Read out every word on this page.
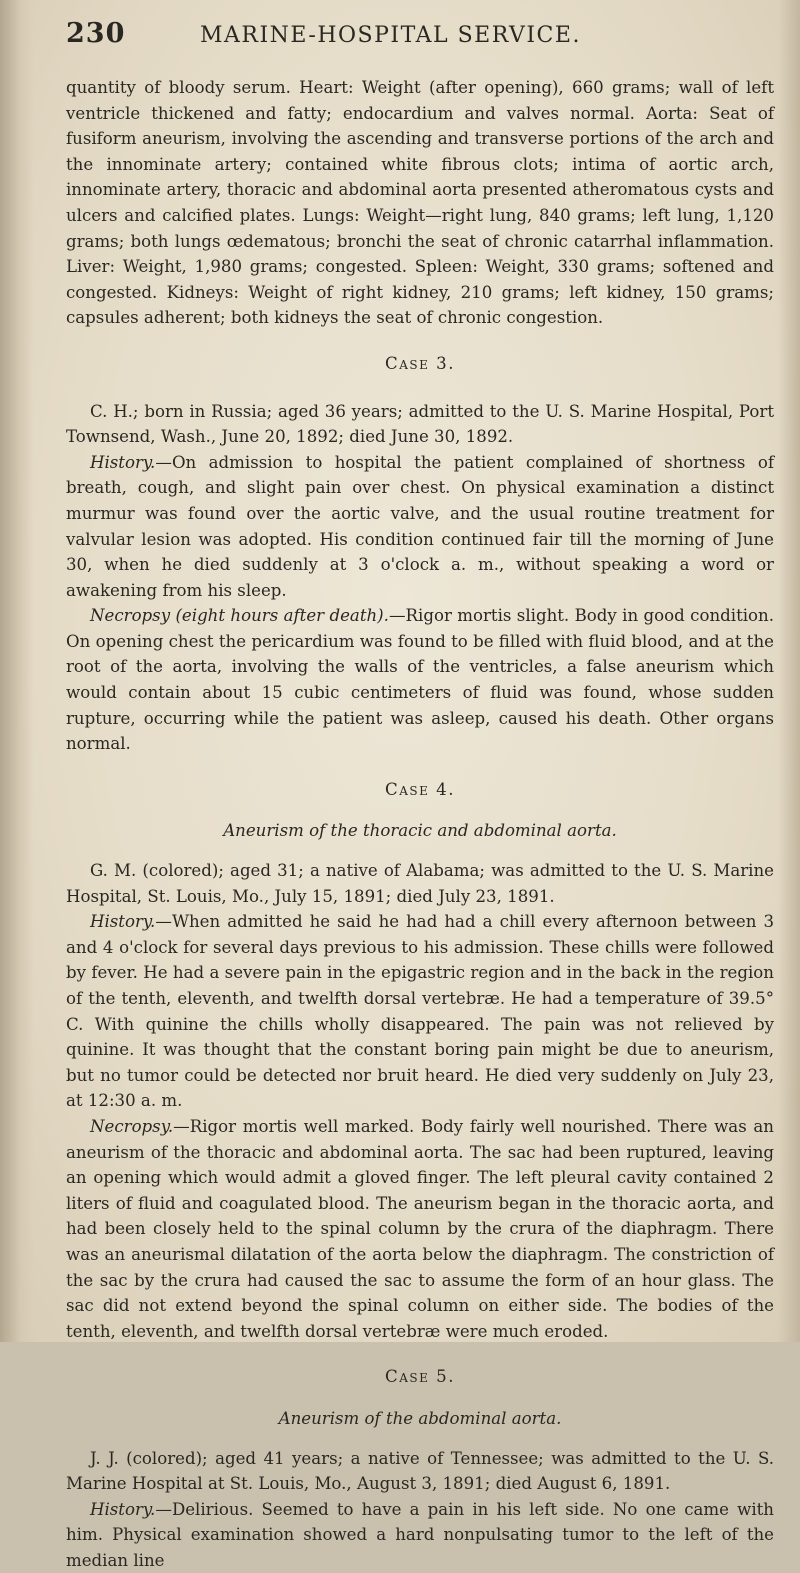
230	MARINE-HOSPITAL SERVICE.

quantity of bloody serum. Heart: Weight (after opening), 660 grams; wall of left ventricle thickened and fatty; endocardium and valves normal. Aorta: Seat of fusiform aneurism, involving the ascending and transverse portions of the arch and the innominate artery; contained white fibrous clots; intima of aortic arch, innominate artery, thoracic and abdominal aorta presented atheromatous cysts and ulcers and calcified plates. Lungs: Weight—right lung, 840 grams; left lung, 1,120 grams; both lungs œdematous; bronchi the seat of chronic catarrhal inflammation. Liver: Weight, 1,980 grams; congested. Spleen: Weight, 330 grams; softened and congested. Kidneys: Weight of right kidney, 210 grams; left kidney, 150 grams; capsules adherent; both kidneys the seat of chronic congestion.

Case 3.

C. H.; born in Russia; aged 36 years; admitted to the U. S. Marine Hospital, Port Townsend, Wash., June 20, 1892; died June 30, 1892.

History.—On admission to hospital the patient complained of shortness of breath, cough, and slight pain over chest. On physical examination a distinct murmur was found over the aortic valve, and the usual routine treatment for valvular lesion was adopted. His condition continued fair till the morning of June 30, when he died suddenly at 3 o'clock a. m., without speaking a word or awakening from his sleep.

Necropsy (eight hours after death).—Rigor mortis slight. Body in good condition. On opening chest the pericardium was found to be filled with fluid blood, and at the root of the aorta, involving the walls of the ventricles, a false aneurism which would contain about 15 cubic centimeters of fluid was found, whose sudden rupture, occurring while the patient was asleep, caused his death. Other organs normal.

Case 4.
Aneurism of the thoracic and abdominal aorta.

G. M. (colored); aged 31; a native of Alabama; was admitted to the U. S. Marine Hospital, St. Louis, Mo., July 15, 1891; died July 23, 1891.

History.—When admitted he said he had had a chill every afternoon between 3 and 4 o'clock for several days previous to his admission. These chills were followed by fever. He had a severe pain in the epigastric region and in the back in the region of the tenth, eleventh, and twelfth dorsal vertebræ. He had a temperature of 39.5° C. With quinine the chills wholly disappeared. The pain was not relieved by quinine. It was thought that the constant boring pain might be due to aneurism, but no tumor could be detected nor bruit heard. He died very suddenly on July 23, at 12:30 a. m.

Necropsy.—Rigor mortis well marked. Body fairly well nourished. There was an aneurism of the thoracic and abdominal aorta. The sac had been ruptured, leaving an opening which would admit a gloved finger. The left pleural cavity contained 2 liters of fluid and coagulated blood. The aneurism began in the thoracic aorta, and had been closely held to the spinal column by the crura of the diaphragm. There was an aneurismal dilatation of the aorta below the diaphragm. The constriction of the sac by the crura had caused the sac to assume the form of an hour glass. The sac did not extend beyond the spinal column on either side. The bodies of the tenth, eleventh, and twelfth dorsal vertebræ were much eroded.

Case 5.
Aneurism of the abdominal aorta.

J. J. (colored); aged 41 years; a native of Tennessee; was admitted to the U. S. Marine Hospital at St. Louis, Mo., August 3, 1891; died August 6, 1891.

History.—Delirious. Seemed to have a pain in his left side. No one came with him. Physical examination showed a hard nonpulsating tumor to the left of the median line
